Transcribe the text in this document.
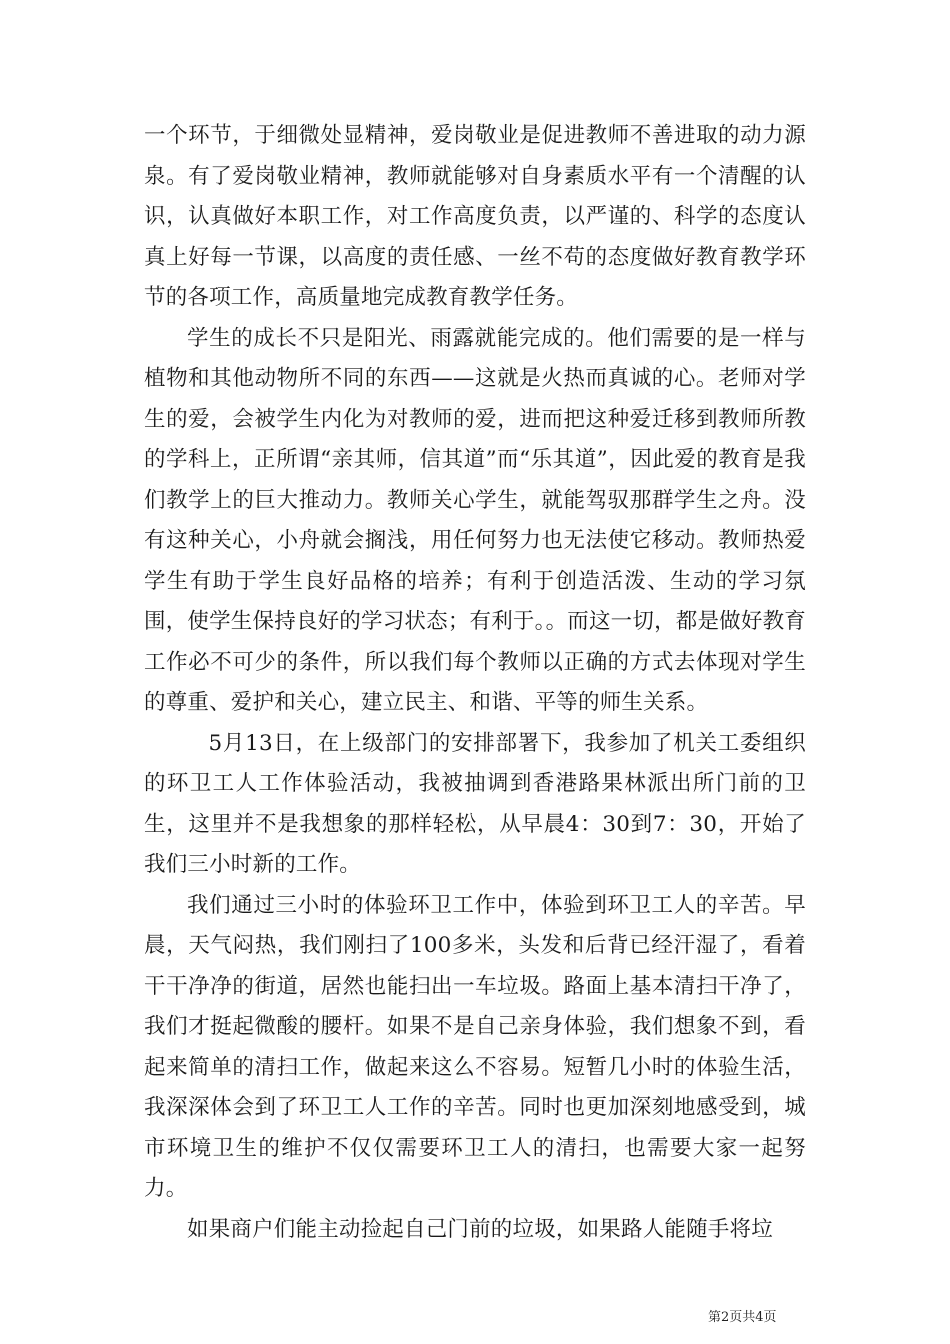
一个环节，于细微处显精神，爱岗敬业是促进教师不善进取的动力源泉。有了爱岗敬业精神，教师就能够对自身素质水平有一个清醒的认识，认真做好本职工作，对工作高度负责，以严谨的、科学的态度认真上好每一节课，以高度的责任感、一丝不苟的态度做好教育教学环节的各项工作，高质量地完成教育教学任务。

学生的成长不只是阳光、雨露就能完成的。他们需要的是一样与植物和其他动物所不同的东西——这就是火热而真诚的心。老师对学生的爱，会被学生内化为对教师的爱，进而把这种爱迁移到教师所教的学科上，正所谓“亲其师，信其道”而“乐其道”，因此爱的教育是我们教学上的巨大推动力。教师关心学生，就能驾驭那群学生之舟。没有这种关心，小舟就会搁浅，用任何努力也无法使它移动。教师热爱学生有助于学生良好品格的培养；有利于创造活泼、生动的学习氛围，使学生保持良好的学习状态；有利于。。而这一切，都是做好教育工作必不可少的条件，所以我们每个教师以正确的方式去体现对学生的尊重、爱护和关心，建立民主、和谐、平等的师生关系。

5月13日，在上级部门的安排部署下，我参加了机关工委组织的环卫工人工作体验活动，我被抽调到香港路果林派出所门前的卫生，这里并不是我想象的那样轻松，从早晨4：30到7：30，开始了我们三小时新的工作。

我们通过三小时的体验环卫工作中，体验到环卫工人的辛苦。早晨，天气闷热，我们刚扫了100多米，头发和后背已经汗湿了，看着干干净净的街道，居然也能扫出一车垃圾。路面上基本清扫干净了，我们才挺起微酸的腰杆。如果不是自己亲身体验，我们想象不到，看起来简单的清扫工作，做起来这么不容易。短暂几小时的体验生活，我深深体会到了环卫工人工作的辛苦。同时也更加深刻地感受到，城市环境卫生的维护不仅仅需要环卫工人的清扫，也需要大家一起努力。

如果商户们能主动捡起自己门前的垃圾，如果路人能随手将垃

第2页共4页
